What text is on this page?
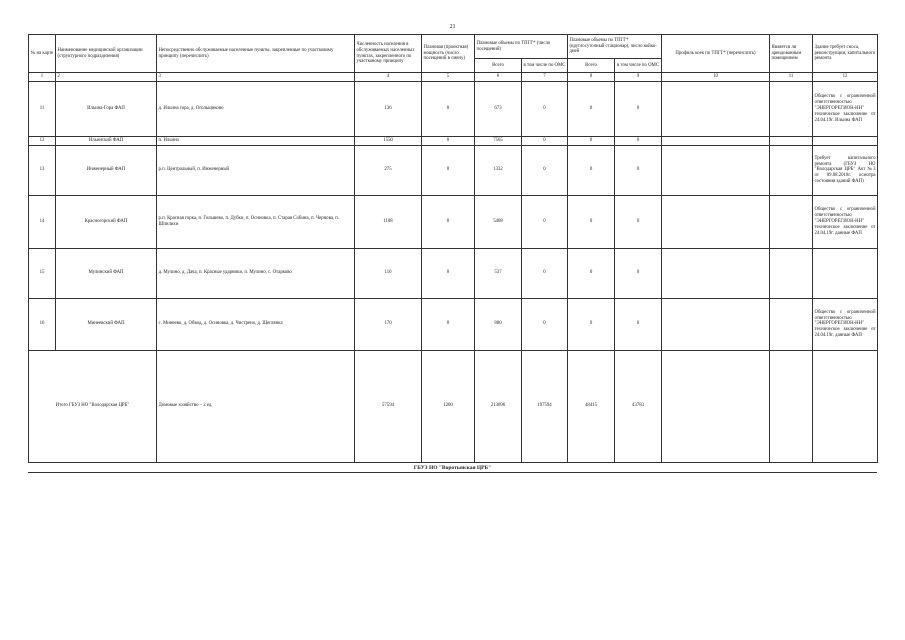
21
№ на карте	Наименование медицинской организации (структурного подразделения)	Непосредственно обслуживаемые населенные пункты, закрепленные по участковому принципу (перечислить)	Численность населения в обслуживаемых населенных пунктах, закрепленного по участковому принципу	Плановая (проектная) мощность (число посещений в смену)	Плановые объемы по ТПГГ* (число посещений)		Плановые объемы по ТПГГ* (круглосуточный стационар), число койко-дней		Профиль коек по ТПГГ* (перечислить)	Является ли арендованным помещением	Здание требует сноса, реконструкции, капитального ремонта
					Всего	в том числе по ОМС	Всего	в том числе по ОМС			
1	2	3	4	5	6	7	8	9	10	11	12
11	Ильина-Гора ФАП	д. Ильина гора, д. Огольщиково	136	8	673	0	0	0			Общество с ограниченной ответственностью "ЭНЕРГОРЕГИОН-НН" техническое заключение от 24.04.19г. Ильина ФАП
12	Ильинский ФАП	п. Ильино	1550	8	7565	0	0	0			
13	Инженерный ФАП	р.п. Центральный, п. Инженерный	275	8	1332	0	0	0			Требует капитального ремонта (ГБУЗ НО "Володарская ЦРБ" Акт №3 от 09.08.2018г. осмотра состояния зданий ФАП)
14	Красногорский ФАП	р.п. Красная горка, п. Гольшево, п. Дубки, п. Осиновка, п. Старая Собина, п. Чернова, п. Шпилихи	1108	8	5408	0	0	0			Общество с ограниченной ответственностью "ЭНЕРГОРЕГИОН-НН" техническое заключение от 24.04.19г. данные ФАП
15	Мулинский ФАП	д. Мулино, д. Дача, п. Красные ударники, п. Мулино, с. Отарково	110	8	537	0	0	0			
16	Минеевский ФАП	с. Минеево, д. Обвод, д. Осиновка, д. Чистрено, д. Щеглянка	170	8	880	0	0	0			Общество с ограниченной ответственностью "ЭНЕРГОРЕГИОН-НН" техническое заключение от 24.04.19г. данные ФАП
Итого ГБУЗ НО "Володарская ЦРБ"		Домовые хозяйство – 2 ед.	57594	1200	213096	197594	48415	43783			
ГБУЗ НО "Воротынская ЦРБ"
